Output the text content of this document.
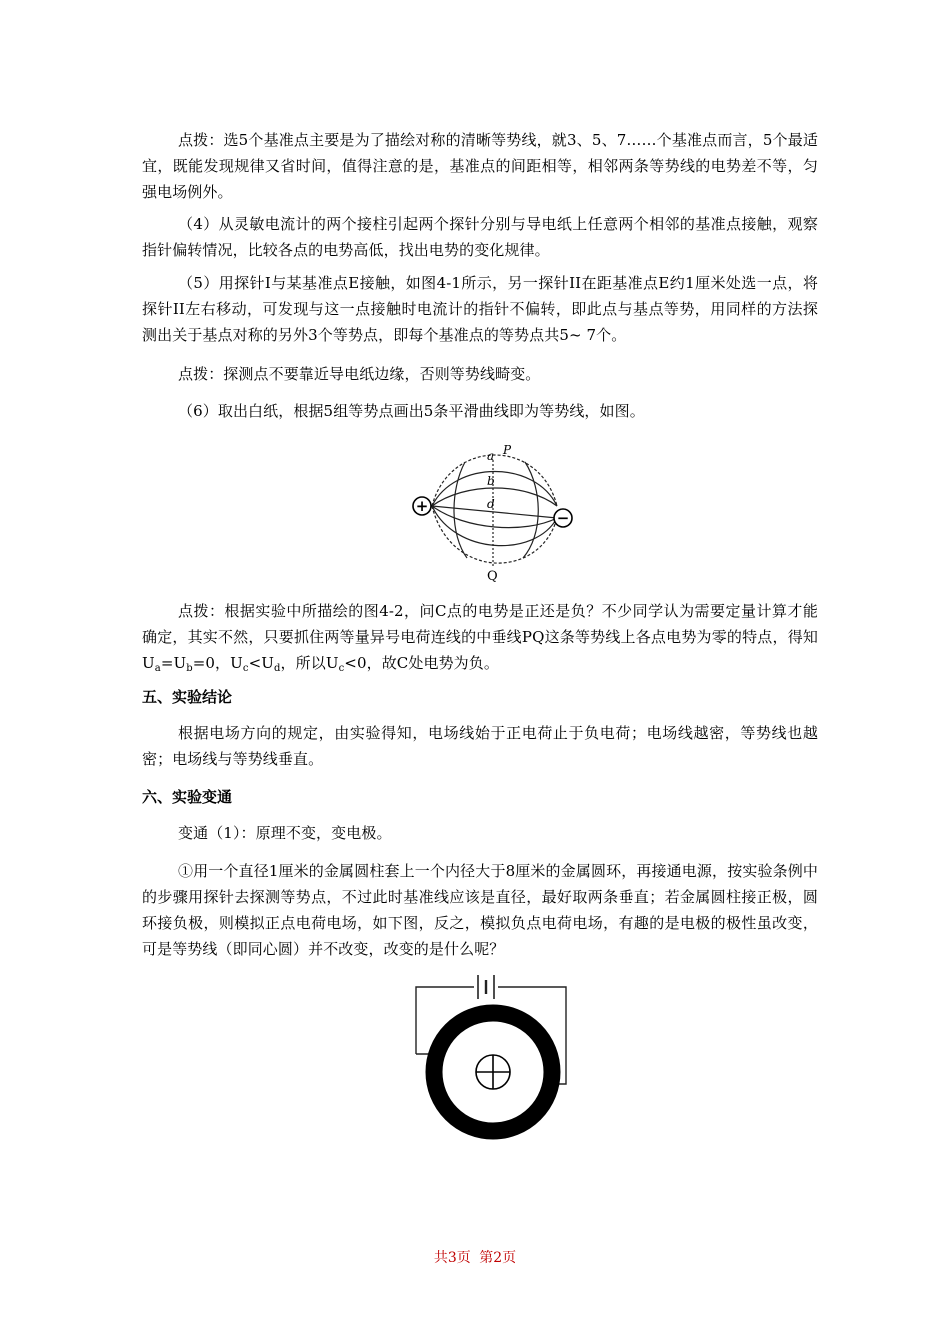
点拨：选5个基准点主要是为了描绘对称的清晰等势线，就3、5、7……个基准点而言，5个最适宜，既能发现规律又省时间，值得注意的是，基准点的间距相等，相邻两条等势线的电势差不等，匀强电场例外。

（4）从灵敏电流计的两个接柱引起两个探针分别与导电纸上任意两个相邻的基准点接触，观察指针偏转情况，比较各点的电势高低，找出电势的变化规律。

（5）用探针I与某基准点E接触，如图4-1所示，另一探针II在距基准点E约1厘米处选一点，将探针II左右移动，可发现与这一点接触时电流计的指针不偏转，即此点与基点等势，用同样的方法探测出关于基点对称的另外3个等势点，即每个基准点的等势点共5~ 7个。

点拨：探测点不要靠近导电纸边缘，否则等势线畸变。

（6）取出白纸，根据5组等势点画出5条平滑曲线即为等势线，如图。

+
−
a P
b
d
Q

点拨：根据实验中所描绘的图4-2，问C点的电势是正还是负？不少同学认为需要定量计算才能确定，其实不然，只要抓住两等量异号电荷连线的中垂线PQ这条等势线上各点电势为零的特点，得知$U_a=U_b=0$，$U_c<U_d$，所以$U_c<0$，故C处电势为负。

五、实验结论

根据电场方向的规定，由实验得知，电场线始于正电荷止于负电荷；电场线越密，等势线也越密；电场线与等势线垂直。

六、实验变通

变通（1）：原理不变，变电极。

①用一个直径1厘米的金属圆柱套上一个内径大于8厘米的金属圆环，再接通电源，按实验条例中的步骤用探针去探测等势点，不过此时基准线应该是直径，最好取两条垂直；若金属圆柱接正极，圆环接负极，则模拟正点电荷电场，如下图，反之，模拟负点电荷电场，有趣的是电极的极性虽改变，可是等势线（即同心圆）并不改变，改变的是什么呢？

共3页 第2页
